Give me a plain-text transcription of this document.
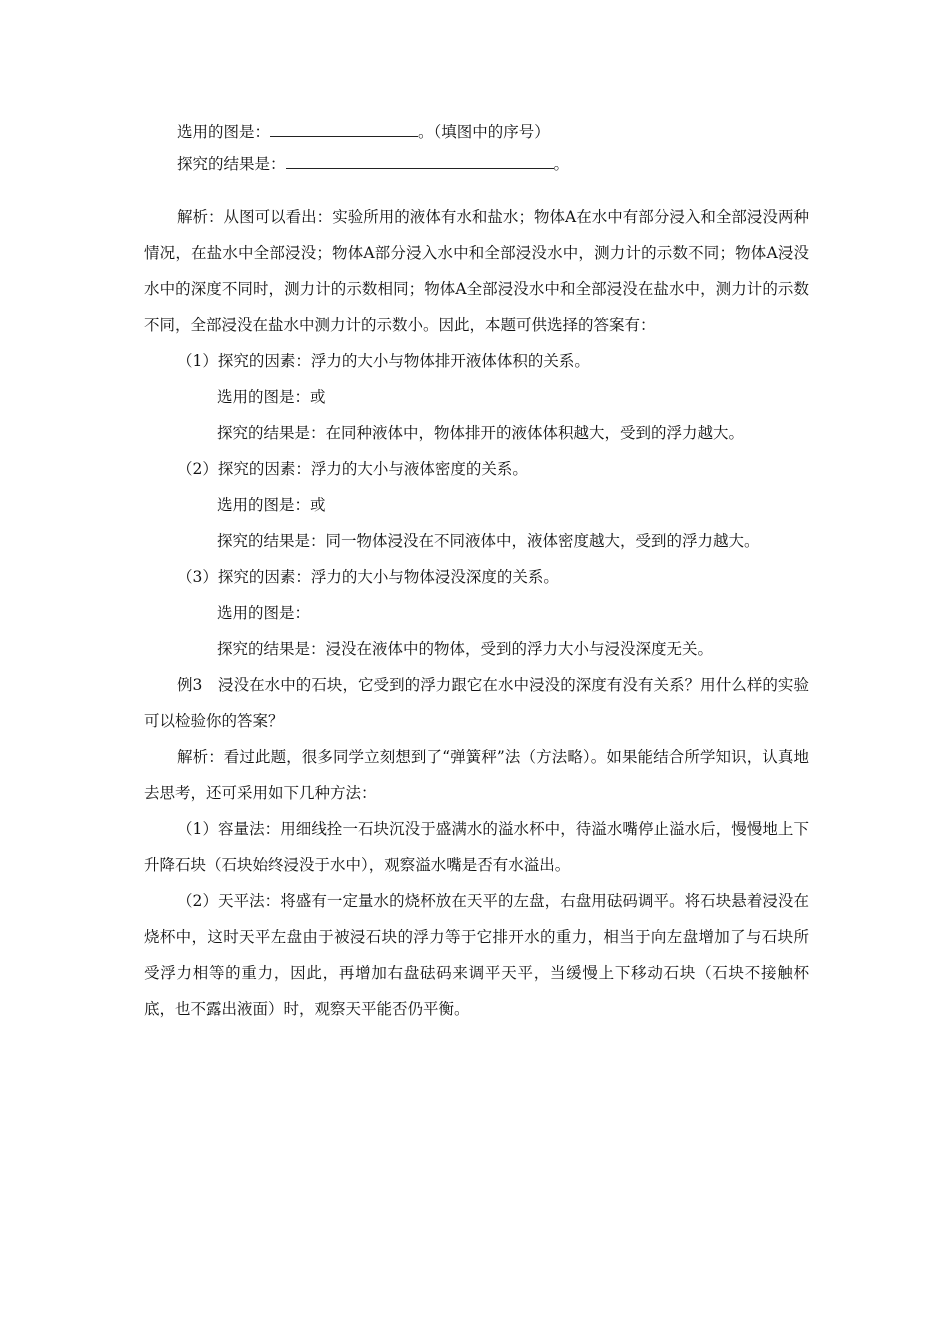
选用的图是：	。（填图中的序号）

探究的结果是：	。

解析：从图可以看出：实验所用的液体有水和盐水；物体A在水中有部分浸入和全部浸没两种情况，在盐水中全部浸没；物体A部分浸入水中和全部浸没水中，测力计的示数不同；物体A浸没水中的深度不同时，测力计的示数相同；物体A全部浸没水中和全部浸没在盐水中，测力计的示数不同，全部浸没在盐水中测力计的示数小。因此，本题可供选择的答案有：

（1）探究的因素：浮力的大小与物体排开液体体积的关系。

选用的图是：或

探究的结果是：在同种液体中，物体排开的液体体积越大，受到的浮力越大。

（2）探究的因素：浮力的大小与液体密度的关系。

选用的图是：或

探究的结果是：同一物体浸没在不同液体中，液体密度越大，受到的浮力越大。

（3）探究的因素：浮力的大小与物体浸没深度的关系。

选用的图是：

探究的结果是：浸没在液体中的物体，受到的浮力大小与浸没深度无关。

例3　浸没在水中的石块，它受到的浮力跟它在水中浸没的深度有没有关系？用什么样的实验可以检验你的答案？

解析：看过此题，很多同学立刻想到了“弹簧秤”法（方法略）。如果能结合所学知识，认真地去思考，还可采用如下几种方法：

（1）容量法：用细线拴一石块沉没于盛满水的溢水杯中，待溢水嘴停止溢水后，慢慢地上下升降石块（石块始终浸没于水中），观察溢水嘴是否有水溢出。

（2）天平法：将盛有一定量水的烧杯放在天平的左盘，右盘用砝码调平。将石块悬着浸没在烧杯中，这时天平左盘由于被浸石块的浮力等于它排开水的重力，相当于向左盘增加了与石块所受浮力相等的重力，因此，再增加右盘砝码来调平天平，当缓慢上下移动石块（石块不接触杯底，也不露出液面）时，观察天平能否仍平衡。
